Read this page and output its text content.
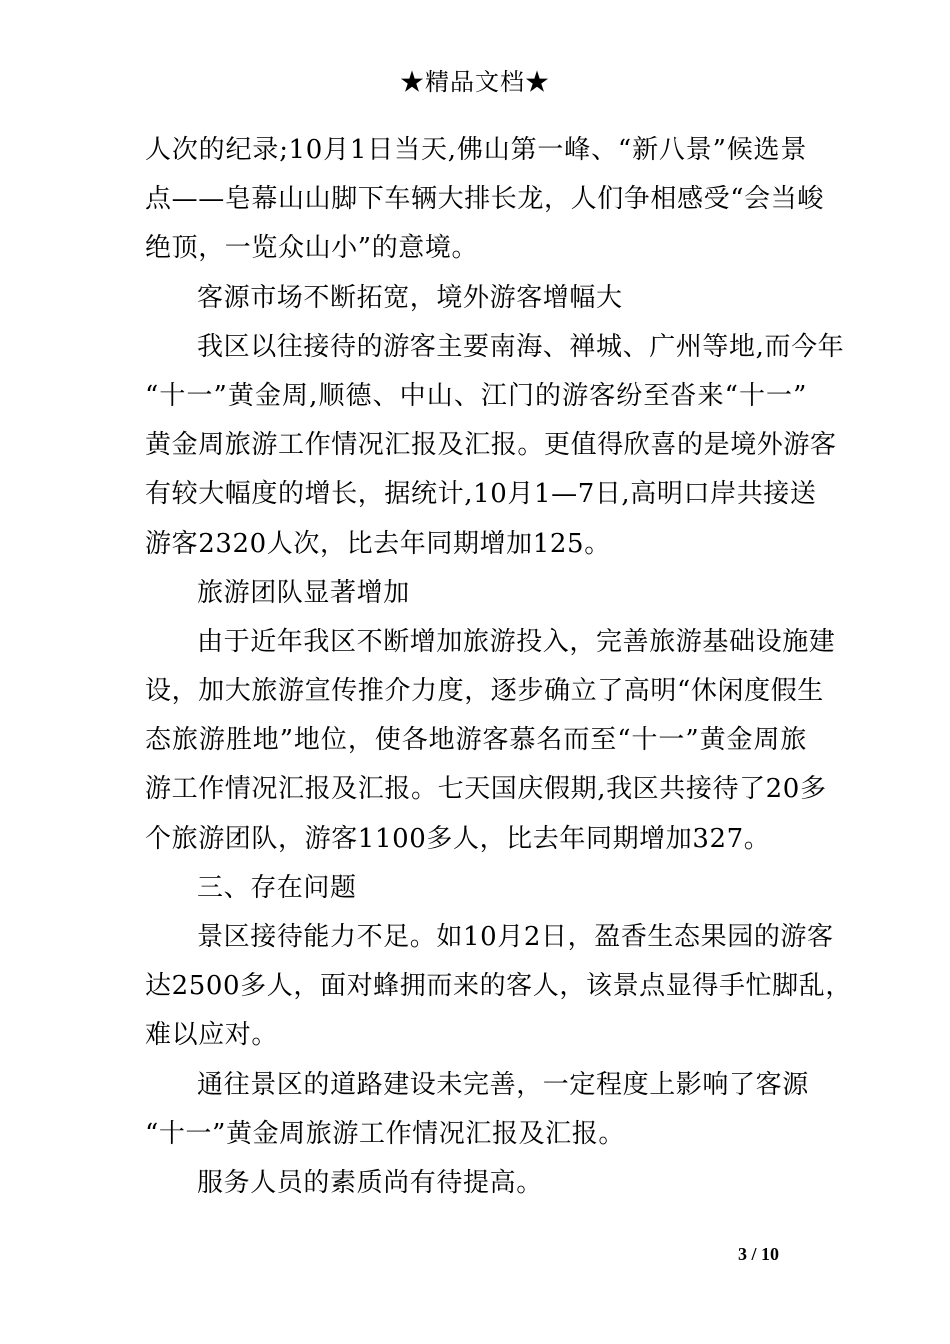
★精品文档★
人次的纪录;10月1日当天,佛山第一峰、“新八景”候选景
点——皂幕山山脚下车辆大排长龙，人们争相感受“会当峻
绝顶，一览众山小”的意境。
客源市场不断拓宽，境外游客增幅大
我区以往接待的游客主要南海、禅城、广州等地,而今年
“十一”黄金周,顺德、中山、江门的游客纷至沓来“十一”
黄金周旅游工作情况汇报及汇报。更值得欣喜的是境外游客
有较大幅度的增长，据统计,10月1—7日,高明口岸共接送
游客2320人次，比去年同期增加125。
旅游团队显著增加
由于近年我区不断增加旅游投入，完善旅游基础设施建
设，加大旅游宣传推介力度，逐步确立了高明“休闲度假生
态旅游胜地”地位，使各地游客慕名而至“十一”黄金周旅
游工作情况汇报及汇报。七天国庆假期,我区共接待了20多
个旅游团队，游客1100多人，比去年同期增加327。
三、存在问题
景区接待能力不足。如10月2日，盈香生态果园的游客
达2500多人，面对蜂拥而来的客人，该景点显得手忙脚乱，
难以应对。
通往景区的道路建设未完善，一定程度上影响了客源
“十一”黄金周旅游工作情况汇报及汇报。
服务人员的素质尚有待提高。
3 / 10
